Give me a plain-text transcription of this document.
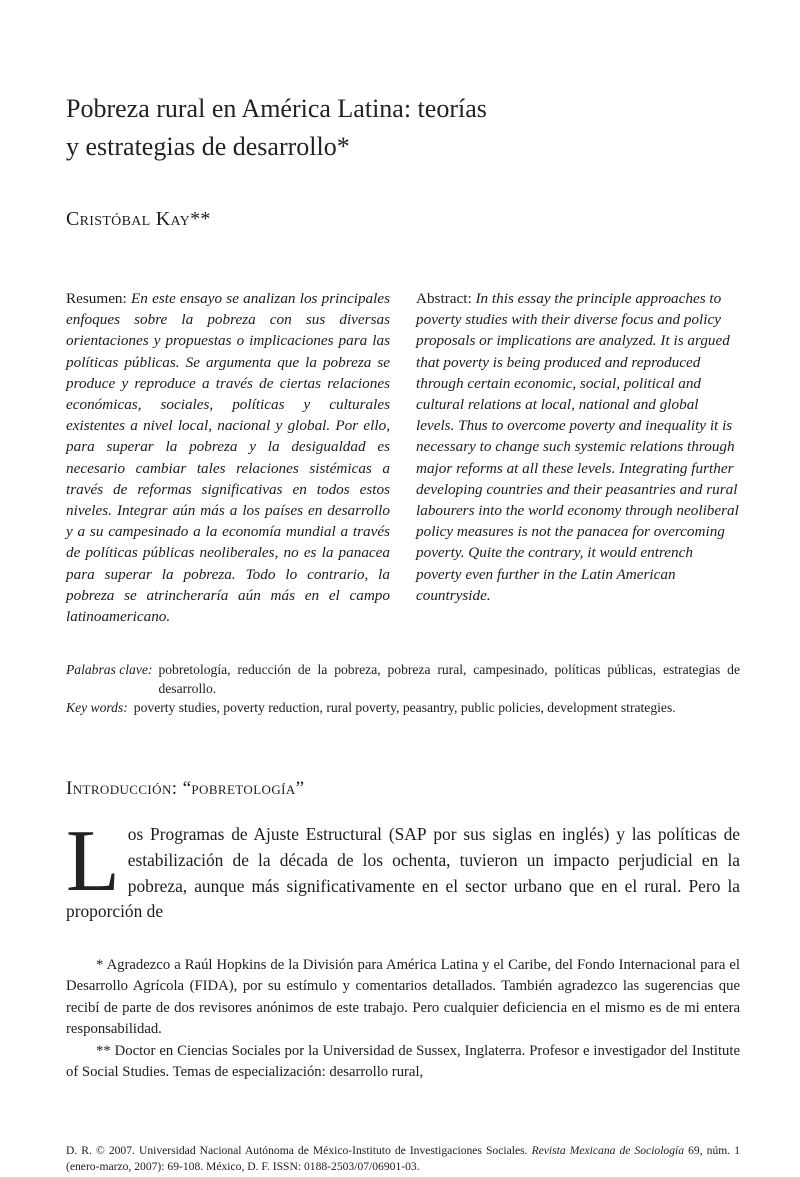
Pobreza rural en América Latina: teorías
y estrategias de desarrollo*
Cristóbal Kay**
Resumen: En este ensayo se analizan los principales enfoques sobre la pobreza con sus diversas orientaciones y propuestas o implicaciones para las políticas públicas. Se argumenta que la pobreza se produce y reproduce a través de ciertas relaciones económicas, sociales, políticas y culturales existentes a nivel local, nacional y global. Por ello, para superar la pobreza y la desigualdad es necesario cambiar tales relaciones sistémicas a través de reformas significativas en todos estos niveles. Integrar aún más a los países en desarrollo y a su campesinado a la economía mundial a través de políticas públicas neoliberales, no es la panacea para superar la pobreza. Todo lo contrario, la pobreza se atrincheraría aún más en el campo latinoamericano.
Abstract: In this essay the principle approaches to poverty studies with their diverse focus and policy proposals or implications are analyzed. It is argued that poverty is being produced and reproduced through certain economic, social, political and cultural relations at local, national and global levels. Thus to overcome poverty and inequality it is necessary to change such systemic relations through major reforms at all these levels. Integrating further developing countries and their peasantries and rural labourers into the world economy through neoliberal policy measures is not the panacea for overcoming poverty. Quite the contrary, it would entrench poverty even further in the Latin American countryside.
Palabras clave: pobretología, reducción de la pobreza, pobreza rural, campesinado, políticas públicas, estrategias de desarrollo.
Key words: poverty studies, poverty reduction, rural poverty, peasantry, public policies, development strategies.
Introducción: “pobretología”
Los Programas de Ajuste Estructural (SAP por sus siglas en inglés) y las políticas de estabilización de la década de los ochenta, tuvieron un impacto perjudicial en la pobreza, aunque más significativamente en el sector urbano que en el rural. Pero la proporción de

* Agradezco a Raúl Hopkins de la División para América Latina y el Caribe, del Fondo Internacional para el Desarrollo Agrícola (FIDA), por su estímulo y comentarios detallados. También agradezco las sugerencias que recibí de parte de dos revisores anónimos de este trabajo. Pero cualquier deficiencia en el mismo es de mi entera responsabilidad.

** Doctor en Ciencias Sociales por la Universidad de Sussex, Inglaterra. Profesor e investigador del Institute of Social Studies. Temas de especialización: desarrollo rural,

D. R. © 2007. Universidad Nacional Autónoma de México-Instituto de Investigaciones Sociales. Revista Mexicana de Sociología 69, núm. 1 (enero-marzo, 2007): 69-108. México, D. F. ISSN: 0188-2503/07/06901-03.
